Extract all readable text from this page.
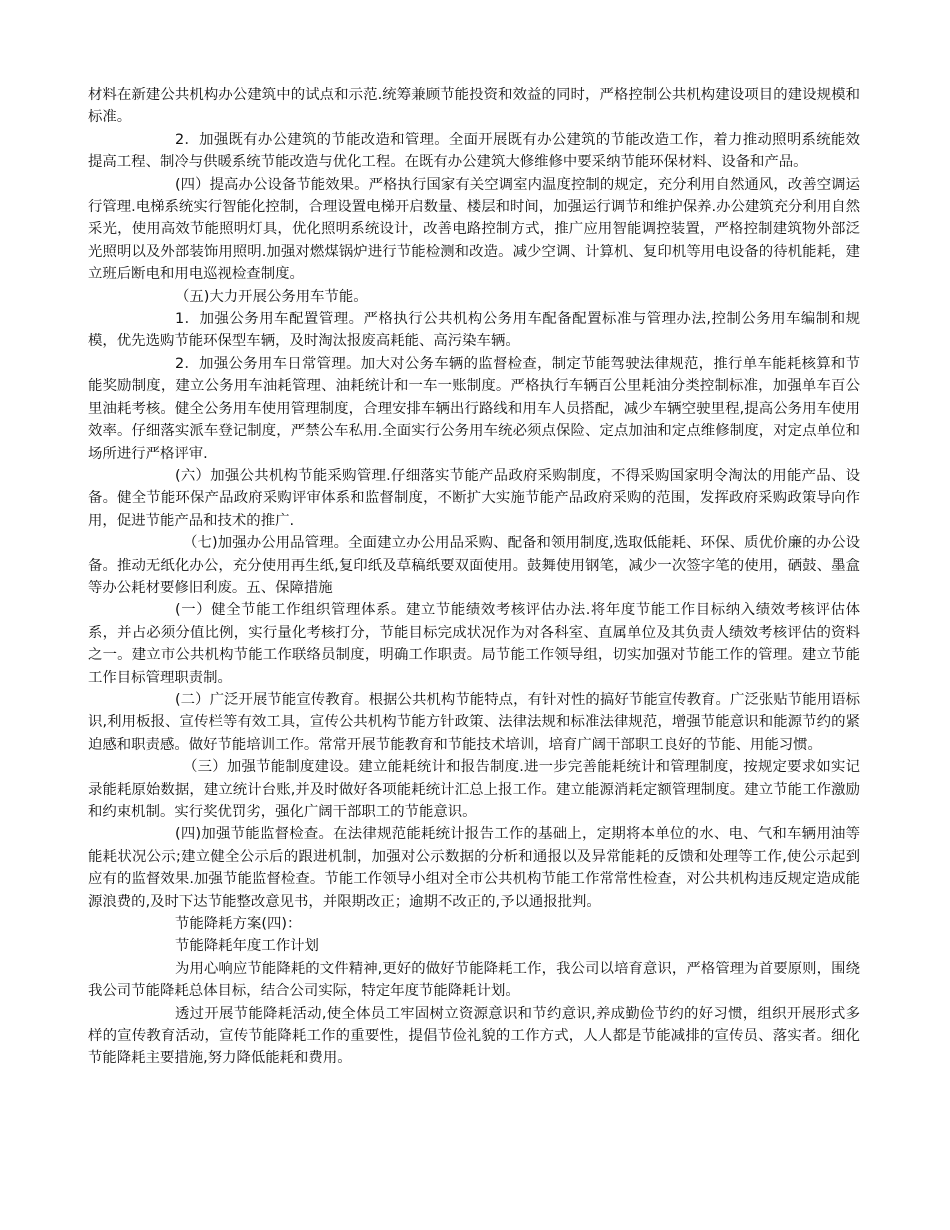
材料在新建公共机构办公建筑中的试点和示范.统筹兼顾节能投资和效益的同时，严格控制公共机构建设项目的建设规模和标准。

2．加强既有办公建筑的节能改造和管理。全面开展既有办公建筑的节能改造工作，着力推动照明系统能效提高工程、制冷与供暖系统节能改造与优化工程。在既有办公建筑大修维修中要采纳节能环保材料、设备和产品。

(四）提高办公设备节能效果。严格执行国家有关空调室内温度控制的规定，充分利用自然通风，改善空调运行管理.电梯系统实行智能化控制，合理设置电梯开启数量、楼层和时间，加强运行调节和维护保养.办公建筑充分利用自然采光，使用高效节能照明灯具，优化照明系统设计，改善电路控制方式，推广应用智能调控装置，严格控制建筑物外部泛光照明以及外部装饰用照明.加强对燃煤锅炉进行节能检测和改造。减少空调、计算机、复印机等用电设备的待机能耗，建立班后断电和用电巡视检查制度。

（五)大力开展公务用车节能。

1．加强公务用车配置管理。严格执行公共机构公务用车配备配置标准与管理办法,控制公务用车编制和规模，优先选购节能环保型车辆，及时淘汰报废高耗能、高污染车辆。

2．加强公务用车日常管理。加大对公务车辆的监督检查，制定节能驾驶法律规范，推行单车能耗核算和节能奖励制度，建立公务用车油耗管理、油耗统计和一车一账制度。严格执行车辆百公里耗油分类控制标准，加强单车百公里油耗考核。健全公务用车使用管理制度，合理安排车辆出行路线和用车人员搭配，减少车辆空驶里程,提高公务用车使用效率。仔细落实派车登记制度，严禁公车私用.全面实行公务用车统必须点保险、定点加油和定点维修制度，对定点单位和场所进行严格评审.

(六）加强公共机构节能采购管理.仔细落实节能产品政府采购制度，不得采购国家明令淘汰的用能产品、设备。健全节能环保产品政府采购评审体系和监督制度，不断扩大实施节能产品政府采购的范围，发挥政府采购政策导向作用，促进节能产品和技术的推广.

（七)加强办公用品管理。全面建立办公用品采购、配备和领用制度,选取低能耗、环保、质优价廉的办公设备。推动无纸化办公，充分使用再生纸,复印纸及草稿纸要双面使用。鼓舞使用钢笔，减少一次签字笔的使用，硒鼓、墨盒等办公耗材要修旧利废。五、保障措施

(一）健全节能工作组织管理体系。建立节能绩效考核评估办法.将年度节能工作目标纳入绩效考核评估体系，并占必须分值比例，实行量化考核打分，节能目标完成状况作为对各科室、直属单位及其负责人绩效考核评估的资料之一。建立市公共机构节能工作联络员制度，明确工作职责。局节能工作领导组，切实加强对节能工作的管理。建立节能工作目标管理职责制。

(二）广泛开展节能宣传教育。根据公共机构节能特点，有针对性的搞好节能宣传教育。广泛张贴节能用语标识,利用板报、宣传栏等有效工具，宣传公共机构节能方针政策、法律法规和标准法律规范，增强节能意识和能源节约的紧迫感和职责感。做好节能培训工作。常常开展节能教育和节能技术培训，培育广阔干部职工良好的节能、用能习惯。

（三）加强节能制度建设。建立能耗统计和报告制度.进一步完善能耗统计和管理制度，按规定要求如实记录能耗原始数据，建立统计台账,并及时做好各项能耗统计汇总上报工作。建立能源消耗定额管理制度。建立节能工作激励和约束机制。实行奖优罚劣，强化广阔干部职工的节能意识。

(四)加强节能监督检查。在法律规范能耗统计报告工作的基础上，定期将本单位的水、电、气和车辆用油等能耗状况公示;建立健全公示后的跟进机制，加强对公示数据的分析和通报以及异常能耗的反馈和处理等工作,使公示起到应有的监督效果.加强节能监督检查。节能工作领导小组对全市公共机构节能工作常常性检查，对公共机构违反规定造成能源浪费的,及时下达节能整改意见书，并限期改正；逾期不改正的,予以通报批判。

节能降耗方案(四)：

节能降耗年度工作计划

为用心响应节能降耗的文件精神,更好的做好节能降耗工作，我公司以培育意识，严格管理为首要原则，围绕我公司节能降耗总体目标，结合公司实际，特定年度节能降耗计划。

透过开展节能降耗活动,使全体员工牢固树立资源意识和节约意识,养成勤俭节约的好习惯，组织开展形式多样的宣传教育活动，宣传节能降耗工作的重要性，提倡节俭礼貌的工作方式，人人都是节能减排的宣传员、落实者。细化节能降耗主要措施,努力降低能耗和费用。
